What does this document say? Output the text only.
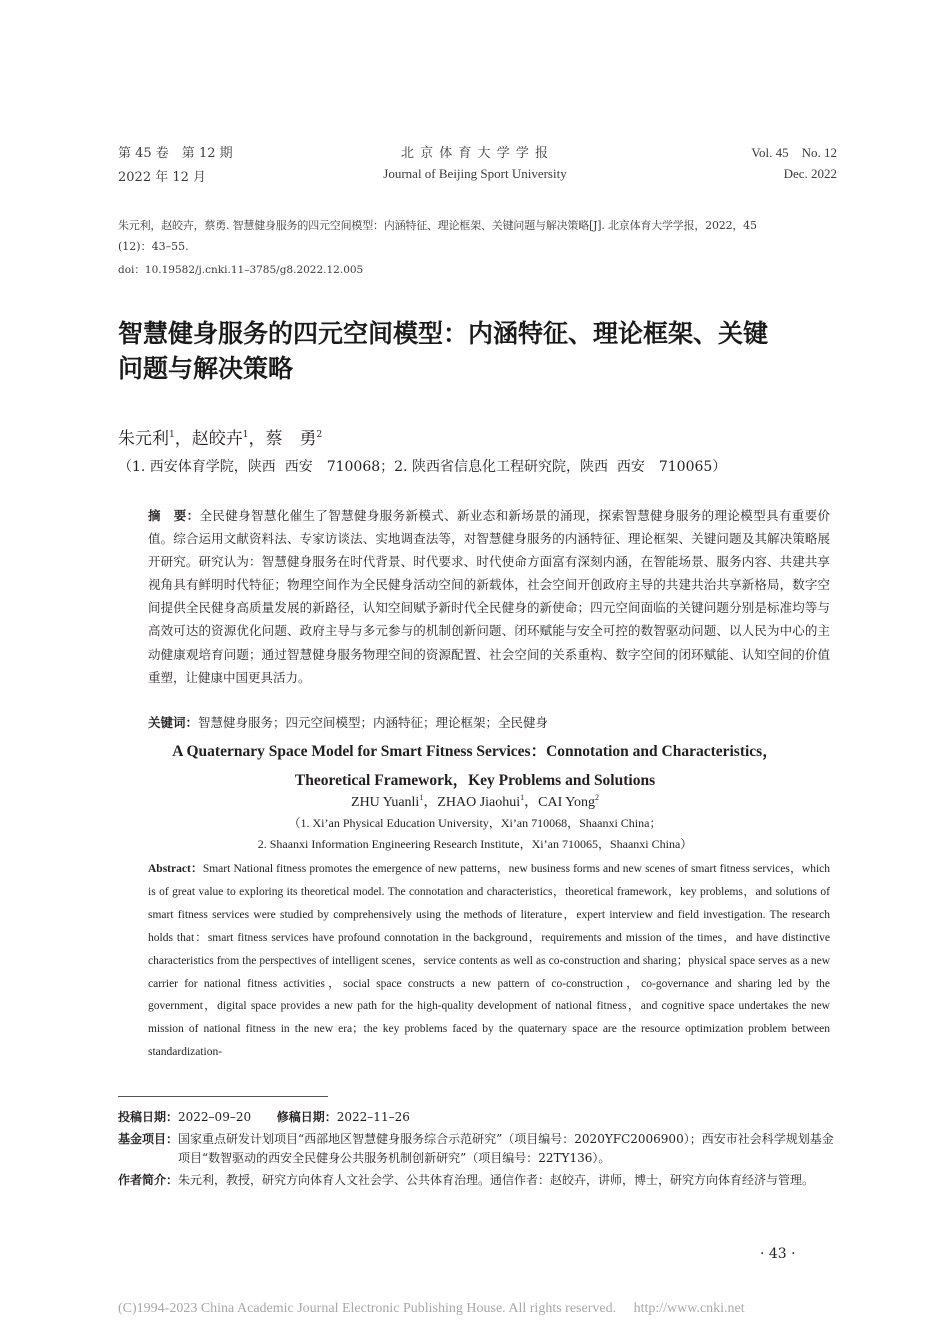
第 45 卷　第 12 期	北 京 体 育 大 学 学 报	Vol. 45　No. 12
2022 年 12 月	Journal of Beijing Sport University	Dec. 2022
朱元利，赵皎卉，蔡勇. 智慧健身服务的四元空间模型：内涵特征、理论框架、关键问题与解决策略[J]. 北京体育大学学报，2022，45
(12)：43–55.
doi：10.19582/j.cnki.11–3785/g8.2022.12.005
智慧健身服务的四元空间模型：内涵特征、理论框架、关键
问题与解决策略
朱元利$^1$，赵皎卉$^1$，蔡　勇$^2$
（1. 西安体育学院，陕西  西安　710068；2. 陕西省信息化工程研究院，陕西  西安　710065）
摘　要：全民健身智慧化催生了智慧健身服务新模式、新业态和新场景的涌现，探索智慧健身服务的理论模型具有重要价值。综合运用文献资料法、专家访谈法、实地调查法等，对智慧健身服务的内涵特征、理论框架、关键问题及其解决策略展开研究。研究认为：智慧健身服务在时代背景、时代要求、时代使命方面富有深刻内涵，在智能场景、服务内容、共建共享视角具有鲜明时代特征；物理空间作为全民健身活动空间的新载体，社会空间开创政府主导的共建共治共享新格局，数字空间提供全民健身高质量发展的新路径，认知空间赋予新时代全民健身的新使命；四元空间面临的关键问题分别是标准均等与高效可达的资源优化问题、政府主导与多元参与的机制创新问题、闭环赋能与安全可控的数智驱动问题、以人民为中心的主动健康观培育问题；通过智慧健身服务物理空间的资源配置、社会空间的关系重构、数字空间的闭环赋能、认知空间的价值重塑，让健康中国更具活力。
关键词：智慧健身服务；四元空间模型；内涵特征；理论框架；全民健身
A Quaternary Space Model for Smart Fitness Services：Connotation and Characteristics，
Theoretical Framework，Key Problems and Solutions
ZHU Yuanli$^1$，ZHAO Jiaohui$^1$，CAI Yong$^2$
（1. Xi’an Physical Education University，Xi’an 710068，Shaanxi China；
2. Shaanxi Information Engineering Research Institute，Xi’an 710065，Shaanxi China）
Abstract：Smart National fitness promotes the emergence of new patterns，new business forms and new scenes of smart fitness services，which is of great value to exploring its theoretical model. The connotation and characteristics，theoretical framework，key problems，and solutions of smart fitness services were studied by comprehensively using the methods of literature，expert interview and field investigation. The research holds that：smart fitness services have profound connotation in the background，requirements and mission of the times，and have distinctive characteristics from the perspectives of intelligent scenes，service contents as well as co-construction and sharing；physical space serves as a new carrier for national fitness activities，social space constructs a new pattern of co-construction，co-governance and sharing led by the government，digital space provides a new path for the high-quality development of national fitness，and cognitive space undertakes the new mission of national fitness in the new era；the key problems faced by the quaternary space are the resource optimization problem between standardization-
投稿日期：2022–09–20 修稿日期：2022–11–26
基金项目： 国家重点研发计划项目“西部地区智慧健身服务综合示范研究”（项目编号：2020YFC2006900）；西安市社会科学规划基金项目“数智驱动的西安全民健身公共服务机制创新研究”（项目编号：22TY136）。
作者简介： 朱元利，教授，研究方向体育人文社会学、公共体育治理。通信作者：赵皎卉，讲师，博士，研究方向体育经济与管理。
· 43 ·
(C)1994-2023 China Academic Journal Electronic Publishing House. All rights reserved.　 http://www.cnki.net
